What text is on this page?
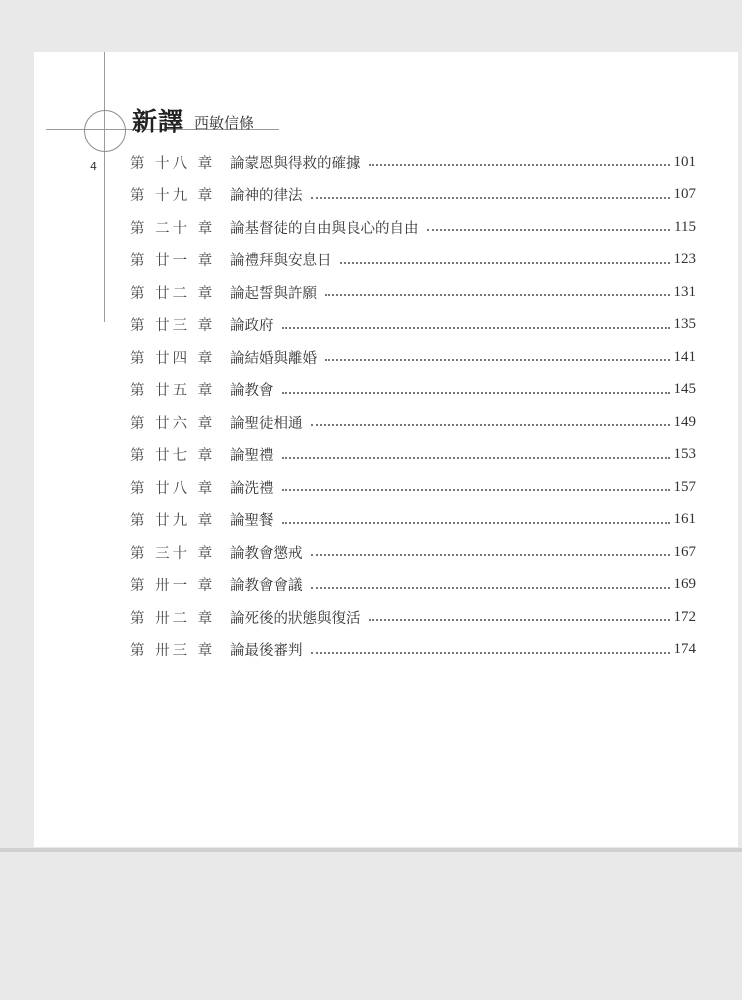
新譯 西敏信條
4 第 十八 章	論蒙恩與得救的確據	101
第 十九 章	論神的律法	107
第 二十 章	論基督徒的自由與良心的自由	115
第 廿一 章	論禮拜與安息日	123
第 廿二 章	論起誓與許願	131
第 廿三 章	論政府	135
第 廿四 章	論結婚與離婚	141
第 廿五 章	論教會	145
第 廿六 章	論聖徒相通	149
第 廿七 章	論聖禮	153
第 廿八 章	論洗禮	157
第 廿九 章	論聖餐	161
第 三十 章	論教會懲戒	167
第 卅一 章	論教會會議	169
第 卅二 章	論死後的狀態與復活	172
第 卅三 章	論最後審判	174
